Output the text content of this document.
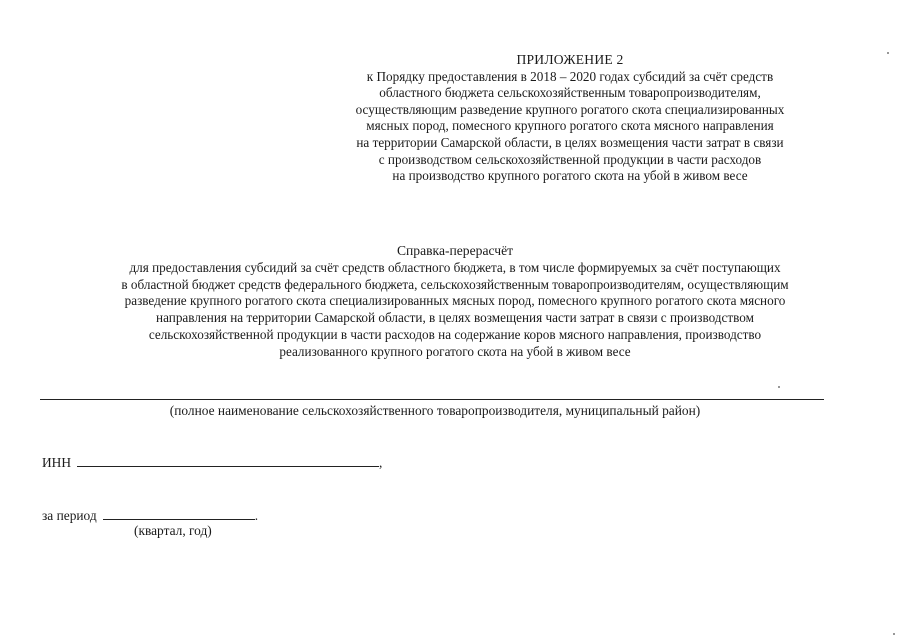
ПРИЛОЖЕНИЕ 2
к Порядку предоставления в 2018 – 2020 годах субсидий за счёт средств
областного бюджета сельскохозяйственным товаропроизводителям,
осуществляющим разведение крупного рогатого скота специализированных
мясных пород, помесного крупного рогатого скота мясного направления
на территории Самарской области, в целях возмещения части затрат в связи
с производством сельскохозяйственной продукции в части расходов
на производство крупного рогатого скота на убой в живом весе
Справка-перерасчёт
для предоставления субсидий за счёт средств областного бюджета, в том числе формируемых за счёт поступающих
в областной бюджет средств федерального бюджета, сельскохозяйственным товаропроизводителям, осуществляющим
разведение крупного рогатого скота специализированных мясных пород, помесного крупного рогатого скота мясного
направления на территории Самарской области, в целях возмещения части затрат в связи с производством
сельскохозяйственной продукции в части расходов на содержание коров мясного направления, производство
реализованного крупного рогатого скота на убой в живом весе
(полное наименование сельскохозяйственного товаропроизводителя, муниципальный район)
ИНН	,
за период	.
(квартал, год)
